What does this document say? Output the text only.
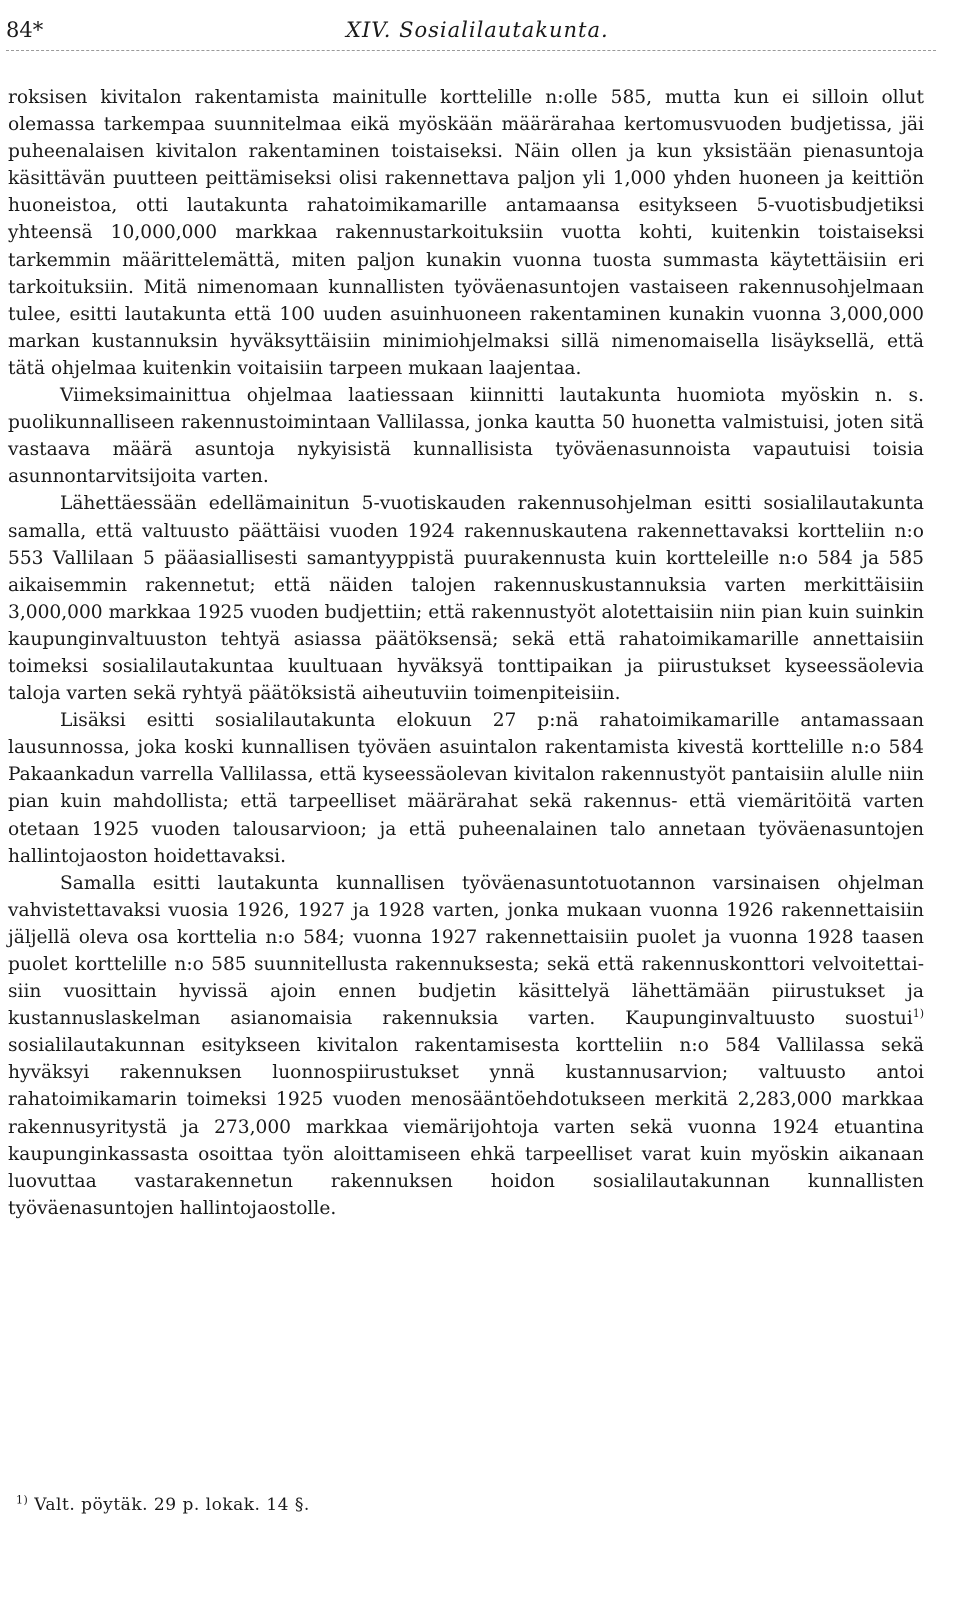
84*	XIV. Sosialilautakunta.

roksisen kivitalon rakentamista mainitulle korttelille n:olle 585, mutta kun ei silloin ollut olemassa tarkempaa suunnitelmaa eikä myöskään määrärahaa kertomusvuoden budjetissa, jäi puheenalaisen kivitalon rakentaminen toistaiseksi. Näin ollen ja kun yksistään pienasuntoja käsittävän puutteen peittämiseksi olisi rakennettava paljon yli 1,000 yhden huoneen ja keittiön huoneistoa, otti lautakunta rahatoimikamarille antamaansa esitykseen 5-vuotisbudjetiksi yhteensä 10,000,000 markkaa rakennustarkoituksiin vuotta kohti, kuitenkin toistaiseksi tarkemmin määrittelemättä, miten paljon kunakin vuonna tuosta summasta käytettäisiin eri tarkoituksiin. Mitä nimenomaan kunnallisten työväenasuntojen vastaiseen rakennusohjelmaan tulee, esitti lautakunta että 100 uuden asuinhuoneen rakentaminen kunakin vuonna 3,000,000 markan kustannuksin hyväksyttäisiin minimiohjelmaksi sillä nimenomaisella lisäyksellä, että tätä ohjelmaa kuitenkin voitaisiin tarpeen mukaan laajentaa.

Viimeksimainittua ohjelmaa laatiessaan kiinnitti lautakunta huomiota myöskin n. s. puolikunnalliseen rakennustoimintaan Vallilassa, jonka kautta 50 huonetta valmistuisi, joten sitä vastaava määrä asuntoja nykyisistä kunnallisista työväenasunnoista vapautuisi toisia asunnontarvitsijoita varten.

Lähettäessään edellämainitun 5-vuotiskauden rakennusohjelman esitti sosialilautakunta samalla, että valtuusto päättäisi vuoden 1924 rakennuskautena rakennettavaksi kortteliin n:o 553 Vallilaan 5 pääasiallisesti samantyyppistä puurakennusta kuin kortteleille n:o 584 ja 585 aikaisemmin rakennetut; että näiden talojen rakennuskustannuksia varten merkittäisiin 3,000,000 markkaa 1925 vuoden budjettiin; että rakennustyöt alotettaisiin niin pian kuin suinkin kaupunginvaltuuston tehtyä asiassa päätöksensä; sekä että rahatoimikamarille annettaisiin toimeksi sosialilautakuntaa kuultuaan hyväksyä tonttipaikan ja piirustukset kyseessäolevia taloja varten sekä ryhtyä päätöksistä aiheutuviin toimenpiteisiin.

Lisäksi esitti sosialilautakunta elokuun 27 p:nä rahatoimikamarille antamassaan lausunnossa, joka koski kunnallisen työväen asuintalon rakentamista kivestä korttelille n:o 584 Pakaankadun varrella Vallilassa, että kyseessäolevan kivitalon rakennustyöt pantaisiin alulle niin pian kuin mahdollista; että tarpeelliset määrärahat sekä rakennus- että viemäritöitä varten otetaan 1925 vuoden talousarvioon; ja että puheenalainen talo annetaan työväenasuntojen hallintojaoston hoidettavaksi.

Samalla esitti lautakunta kunnallisen työväenasuntotuotannon varsinaisen ohjelman vahvistettavaksi vuosia 1926, 1927 ja 1928 varten, jonka mukaan vuonna 1926 rakennettaisiin jäljellä oleva osa korttelia n:o 584; vuonna 1927 rakennettaisiin puolet ja vuonna 1928 taasen puolet korttelille n:o 585 suunnitellusta rakennuksesta; sekä että rakennuskonttori velvoitettaisiin vuosittain hyvissä ajoin ennen budjetin käsittelyä lähettämään piirustukset ja kustannuslaskelman asianomaisia rakennuksia varten. Kaupunginvaltuusto suostui$^{1)}$ sosialilautakunnan esitykseen kivitalon rakentamisesta kortteliin n:o 584 Vallilassa sekä hyväksyi rakennuksen luonnospiirustukset ynnä kustannusarvion; valtuusto antoi rahatoimikamarin toimeksi 1925 vuoden menosääntöehdotukseen merkitä 2,283,000 markkaa rakennusyritystä ja 273,000 markkaa viemärijohtoja varten sekä vuonna 1924 etuantina kaupunginkassasta osoittaa työn aloittamiseen ehkä tarpeelliset varat kuin myöskin aikanaan luovuttaa vastarakennetun rakennuksen hoidon sosialilautakunnan kunnallisten työväenasuntojen hallintojaostolle.

$^{1)}$ Valt. pöytäk. 29 p. lokak. 14 §.
